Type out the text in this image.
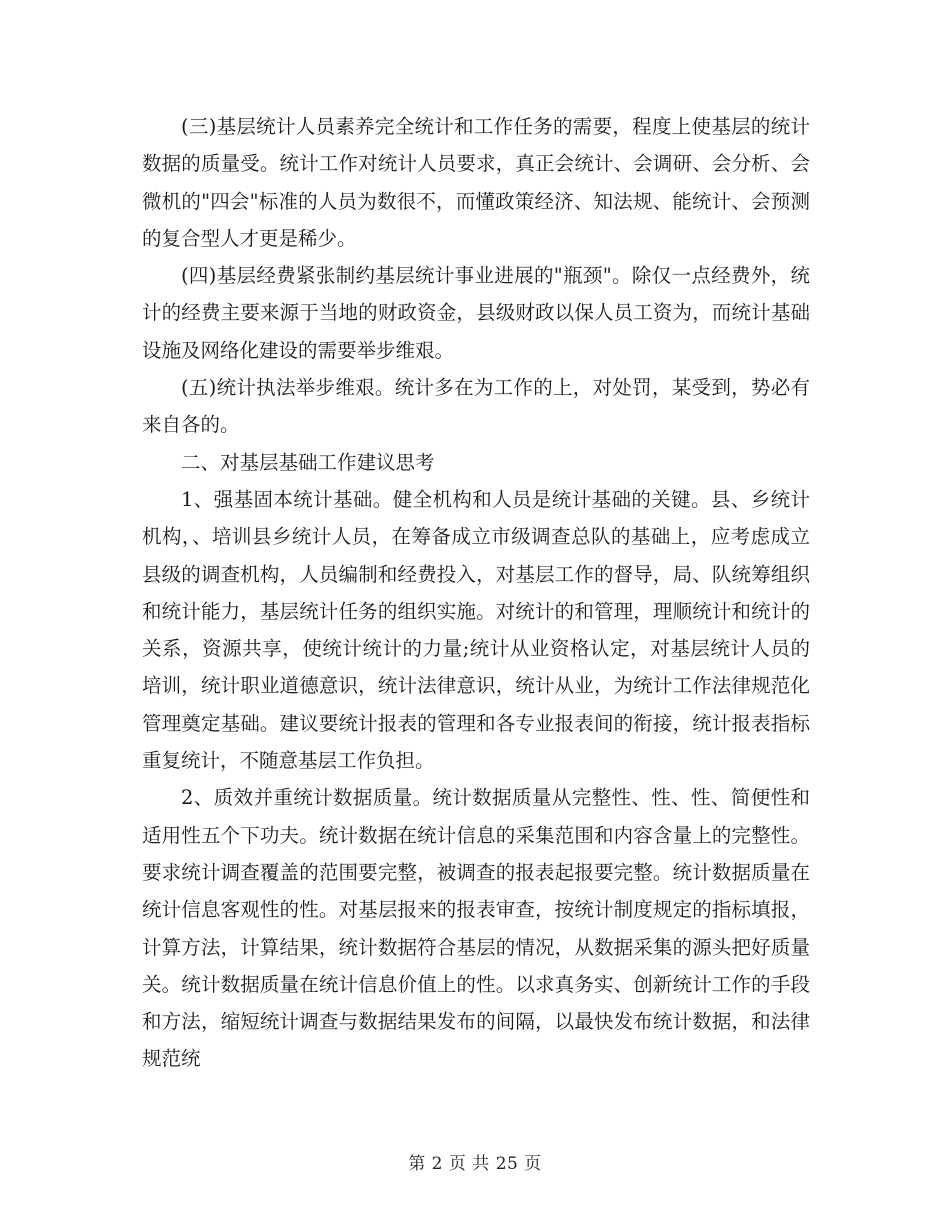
(三)基层统计人员素养完全统计和工作任务的需要，程度上使基层的统计数据的质量受。统计工作对统计人员要求，真正会统计、会调研、会分析、会微机的"四会"标准的人员为数很不，而懂政策经济、知法规、能统计、会预测的复合型人才更是稀少。

(四)基层经费紧张制约基层统计事业进展的"瓶颈"。除仅一点经费外，统计的经费主要来源于当地的财政资金，县级财政以保人员工资为，而统计基础设施及网络化建设的需要举步维艰。

(五)统计执法举步维艰。统计多在为工作的上，对处罚，某受到，势必有来自各的。

二、对基层基础工作建议思考

1、强基固本统计基础。健全机构和人员是统计基础的关键。县、乡统计机构，、培训县乡统计人员，在筹备成立市级调查总队的基础上，应考虑成立县级的调查机构，人员编制和经费投入，对基层工作的督导，局、队统筹组织和统计能力，基层统计任务的组织实施。对统计的和管理，理顺统计和统计的关系，资源共享，使统计统计的力量;统计从业资格认定，对基层统计人员的培训，统计职业道德意识，统计法律意识，统计从业，为统计工作法律规范化管理奠定基础。建议要统计报表的管理和各专业报表间的衔接，统计报表指标重复统计，不随意基层工作负担。

2、质效并重统计数据质量。统计数据质量从完整性、性、性、简便性和适用性五个下功夫。统计数据在统计信息的采集范围和内容含量上的完整性。要求统计调查覆盖的范围要完整，被调查的报表起报要完整。统计数据质量在统计信息客观性的性。对基层报来的报表审查，按统计制度规定的指标填报，计算方法，计算结果，统计数据符合基层的情况，从数据采集的源头把好质量关。统计数据质量在统计信息价值上的性。以求真务实、创新统计工作的手段和方法，缩短统计调查与数据结果发布的间隔，以最快发布统计数据，和法律规范统

第 2 页 共 25 页
